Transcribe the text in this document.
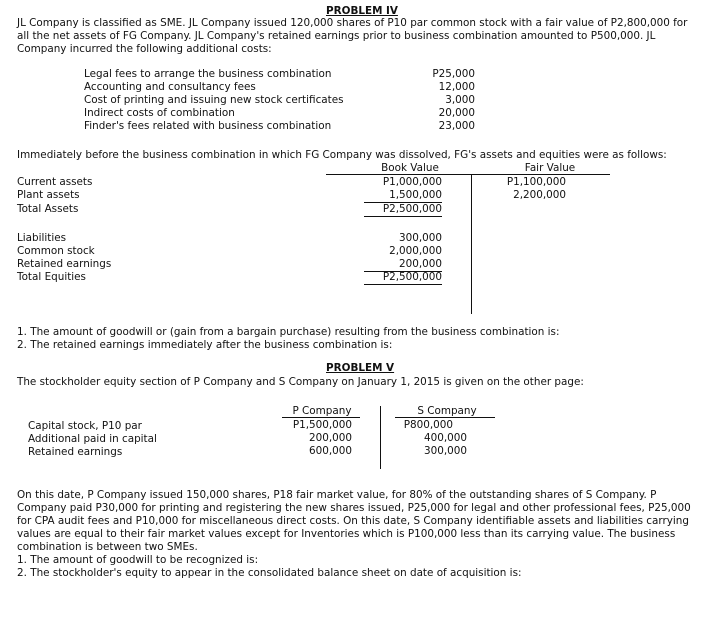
PROBLEM IV
JL Company is classified as SME. JL Company issued 120,000 shares of P10 par common stock with a fair value of P2,800,000 for all the net assets of FG Company. JL Company's retained earnings prior to business combination amounted to P500,000. JL Company incurred the following additional costs:
Legal fees to arrange the business combination	P25,000
Accounting and consultancy fees	12,000
Cost of printing and issuing new stock certificates	3,000
Indirect costs of combination	20,000
Finder's fees related with business combination	23,000
Immediately before the business combination in which FG Company was dissolved, FG's assets and equities were as follows:
Book Value	Fair Value
Current assets	P1,000,000	P1,100,000
Plant assets	1,500,000	2,200,000
Total Assets	P2,500,000
Liabilities	300,000
Common stock	2,000,000
Retained earnings	200,000
Total Equities	P2,500,000
1. The amount of goodwill or (gain from a bargain purchase) resulting from the business combination is:
2. The retained earnings immediately after the business combination is:
PROBLEM V
The stockholder equity section of P Company and S Company on January 1, 2015 is given on the other page:
P Company	S Company
Capital stock, P10 par	P1,500,000	P800,000
Additional paid in capital	200,000	400,000
Retained earnings	600,000	300,000
On this date, P Company issued 150,000 shares, P18 fair market value, for 80% of the outstanding shares of S Company. P Company paid P30,000 for printing and registering the new shares issued, P25,000 for legal and other professional fees, P25,000 for CPA audit fees and P10,000 for miscellaneous direct costs. On this date, S Company identifiable assets and liabilities carrying values are equal to their fair market values except for Inventories which is P100,000 less than its carrying value. The business combination is between two SMEs.
1. The amount of goodwill to be recognized is:
2. The stockholder's equity to appear in the consolidated balance sheet on date of acquisition is:
